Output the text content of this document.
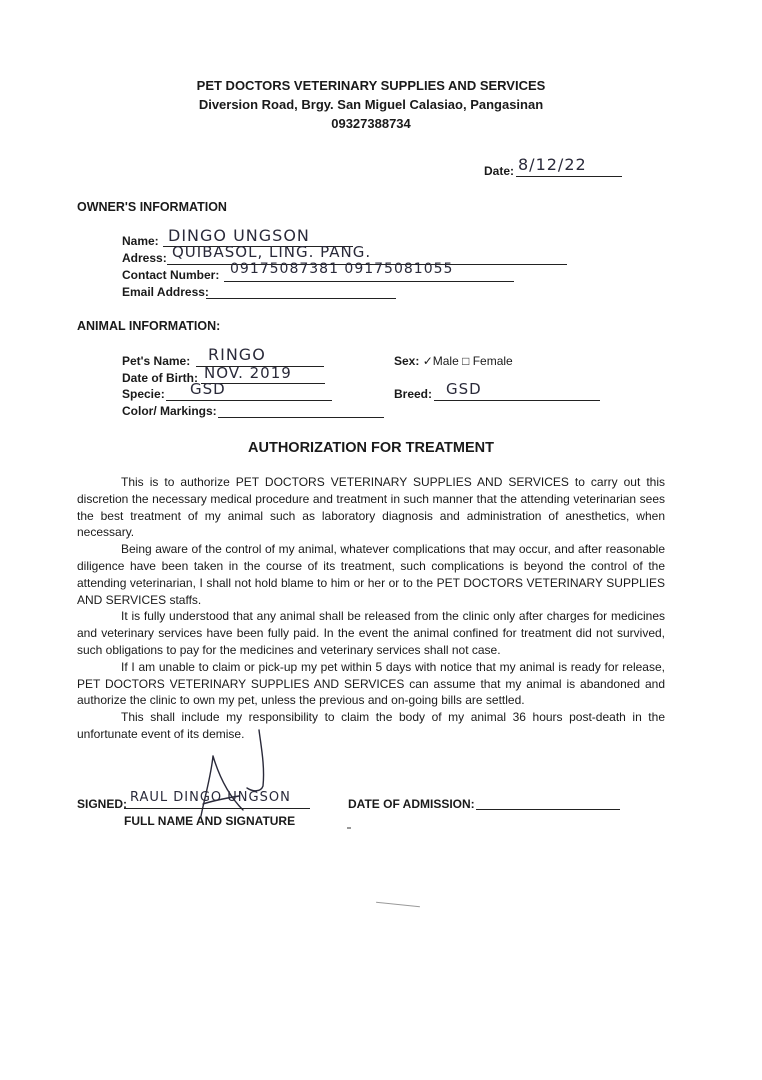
PET DOCTORS VETERINARY SUPPLIES AND SERVICES
Diversion Road, Brgy. San Miguel Calasiao, Pangasinan
09327388734
Date: 8/12/22
OWNER'S INFORMATION
Name: DINGO UNGSON
Adress: QUIBASOL, LING. PANG.
Contact Number: 09175087381 09175081055
Email Address:
ANIMAL INFORMATION:
Pet's Name: RINGO
Date of Birth: NOV. 2019
Specie: GSD
Color/ Markings:
Sex: ✓Male □ Female
Breed: GSD
AUTHORIZATION FOR TREATMENT

This is to authorize PET DOCTORS VETERINARY SUPPLIES AND SERVICES to carry out this discretion the necessary medical procedure and treatment in such manner that the attending veterinarian sees the best treatment of my animal such as laboratory diagnosis and administration of anesthetics, when necessary.

Being aware of the control of my animal, whatever complications that may occur, and after reasonable diligence have been taken in the course of its treatment, such complications is beyond the control of the attending veterinarian, I shall not hold blame to him or her or to the PET DOCTORS VETERINARY SUPPLIES AND SERVICES staffs.

It is fully understood that any animal shall be released from the clinic only after charges for medicines and veterinary services have been fully paid. In the event the animal confined for treatment did not survived, such obligations to pay for the medicines and veterinary services shall not case.

If I am unable to claim or pick-up my pet within 5 days with notice that my animal is ready for release, PET DOCTORS VETERINARY SUPPLIES AND SERVICES can assume that my animal is abandoned and authorize the clinic to own my pet, unless the previous and on-going bills are settled.

This shall include my responsibility to claim the body of my animal 36 hours post-death in the unfortunate event of its demise.

SIGNED: RAUL DINGO UNGSON
FULL NAME AND SIGNATURE
DATE OF ADMISSION:
